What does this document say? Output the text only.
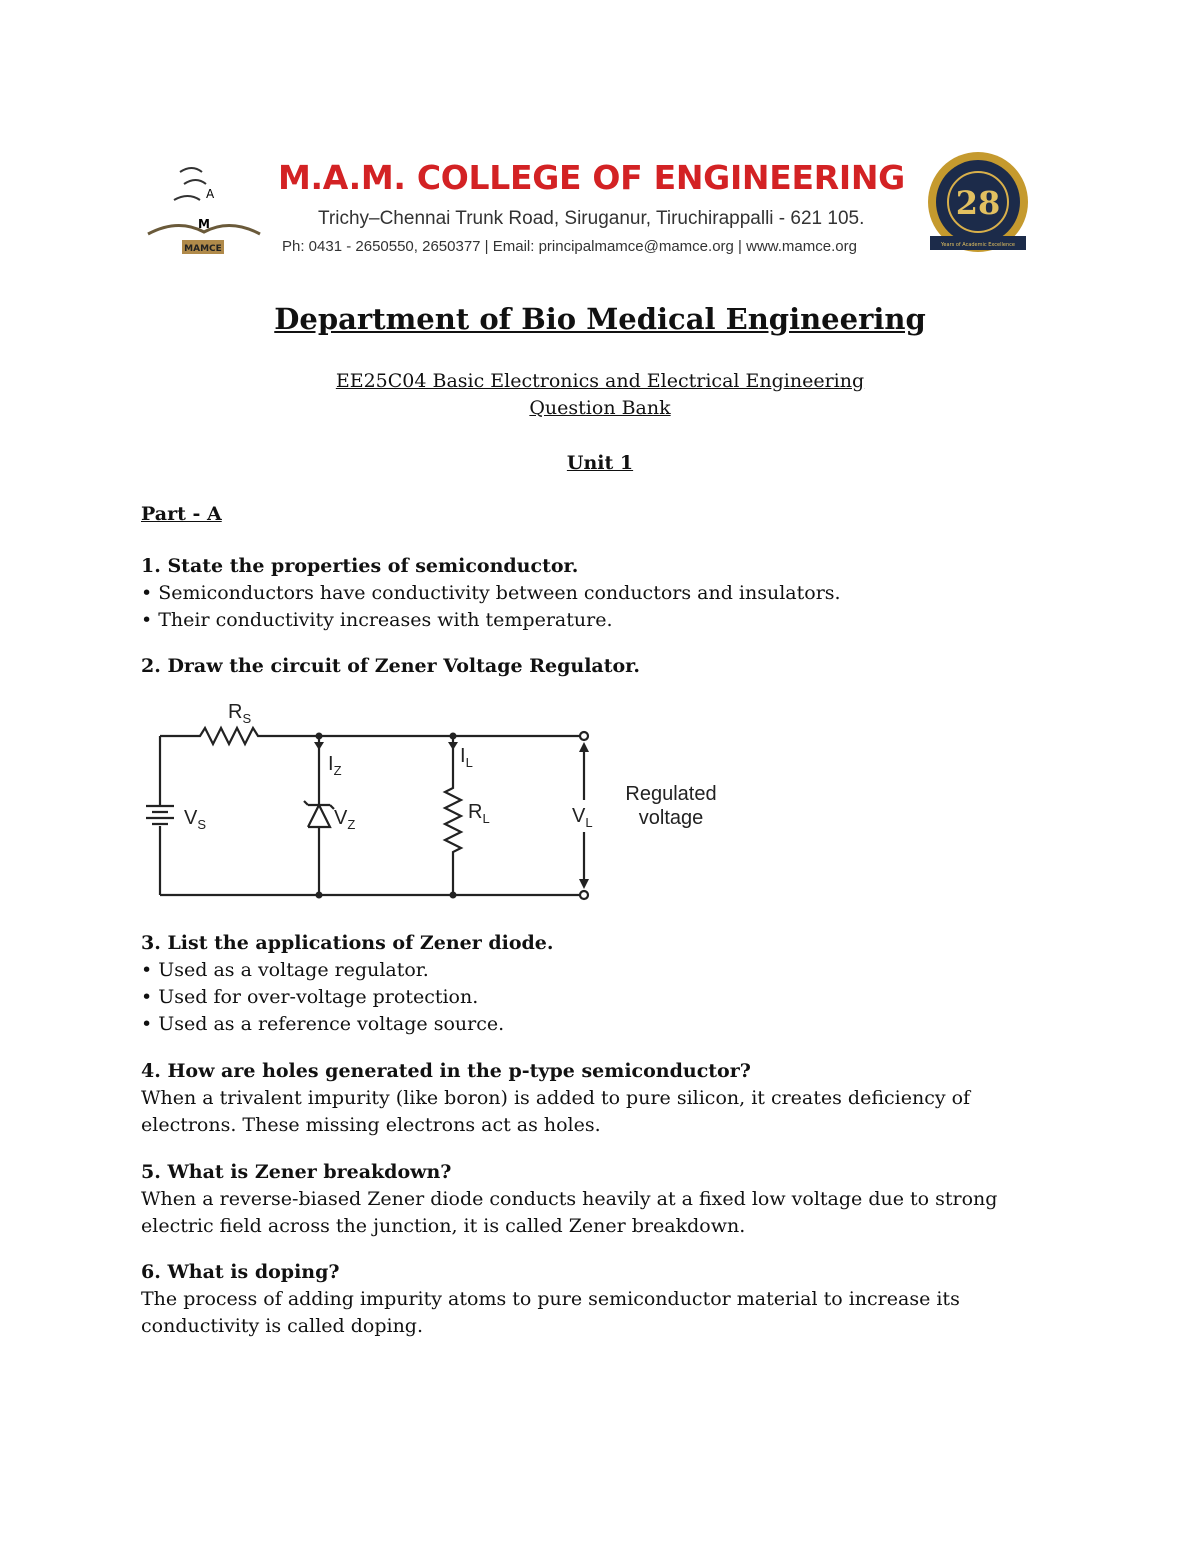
A
M
MAMCE
M.A.M. COLLEGE OF ENGINEERING
Trichy–Chennai Trunk Road, Siruganur, Tiruchirappalli - 621 105.
Ph: 0431 - 2650550, 2650377 | Email: principalmamce@mamce.org | www.mamce.org
28
Years of Academic Excellence
Department of Bio Medical Engineering
EE25C04 Basic Electronics and Electrical Engineering
Question Bank
Unit 1
Part - A

1. State the properties of semiconductor.

• Semiconductors have conductivity between conductors and insulators.

• Their conductivity increases with temperature.

2. Draw the circuit of Zener Voltage Regulator.

$R_S$
$I_Z$
$I_L$
$V_S$	$V_Z$
$R_L$	$V_L$
Regulated
voltage

3. List the applications of Zener diode.

• Used as a voltage regulator.

• Used for over-voltage protection.

• Used as a reference voltage source.

4. How are holes generated in the p-type semiconductor?

When a trivalent impurity (like boron) is added to pure silicon, it creates deficiency of electrons. These missing electrons act as holes.

5. What is Zener breakdown?

When a reverse-biased Zener diode conducts heavily at a fixed low voltage due to strong electric field across the junction, it is called Zener breakdown.

6. What is doping?

The process of adding impurity atoms to pure semiconductor material to increase its conductivity is called doping.
